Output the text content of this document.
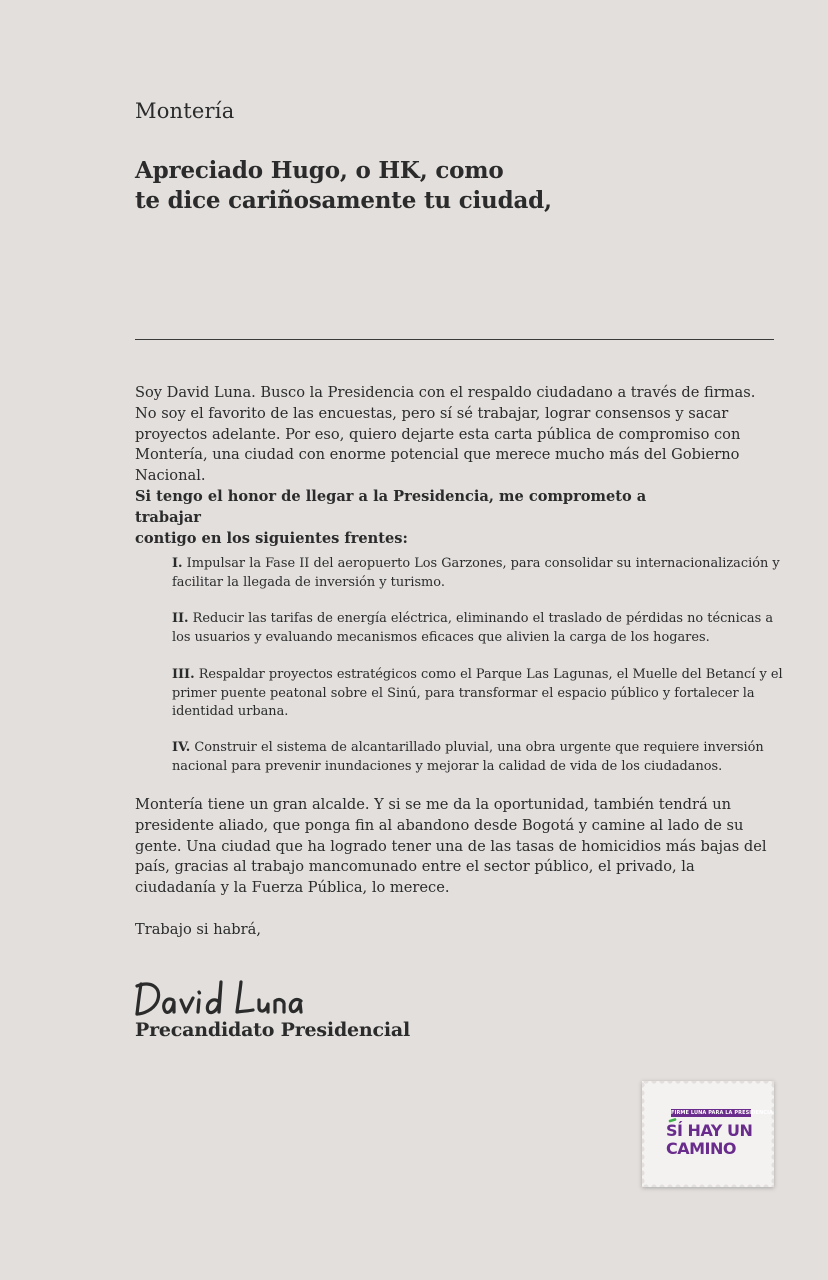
Montería
Apreciado Hugo, o HK, como
te dice cariñosamente tu ciudad,

Soy David Luna. Busco la Presidencia con el respaldo ciudadano a través de firmas. No soy el favorito de las encuestas, pero sí sé trabajar, lograr consensos y sacar proyectos adelante. Por eso, quiero dejarte esta carta pública de compromiso con Montería, una ciudad con enorme potencial que merece mucho más del Gobierno Nacional.

Si tengo el honor de llegar a la Presidencia, me comprometo a trabajar
contigo en los siguientes frentes:

I. Impulsar la Fase II del aeropuerto Los Garzones, para consolidar su internacionalización y facilitar la llegada de inversión y turismo.

II. Reducir las tarifas de energía eléctrica, eliminando el traslado de pérdidas no técnicas a los usuarios y evaluando mecanismos eficaces que alivien la carga de los hogares.

III. Respaldar proyectos estratégicos como el Parque Las Lagunas, el Muelle del Betancí y el primer puente peatonal sobre el Sinú, para transformar el espacio público y fortalecer la identidad urbana.

IV. Construir el sistema de alcantarillado pluvial, una obra urgente que requiere inversión nacional para prevenir inundaciones y mejorar la calidad de vida de los ciudadanos.

Montería tiene un gran alcalde. Y si se me da la oportunidad, también tendrá un presidente aliado, que ponga fin al abandono desde Bogotá y camine al lado de su gente. Una ciudad que ha logrado tener una de las tasas de homicidios más bajas del país, gracias al trabajo mancomunado entre el sector público, el privado, la ciudadanía y la Fuerza Pública, lo merece.

Trabajo si habrá,

Precandidato Presidencial

FIRME LUNA PARA LA PRESIDENCIA
SÍ HAY UN
CAMINO
